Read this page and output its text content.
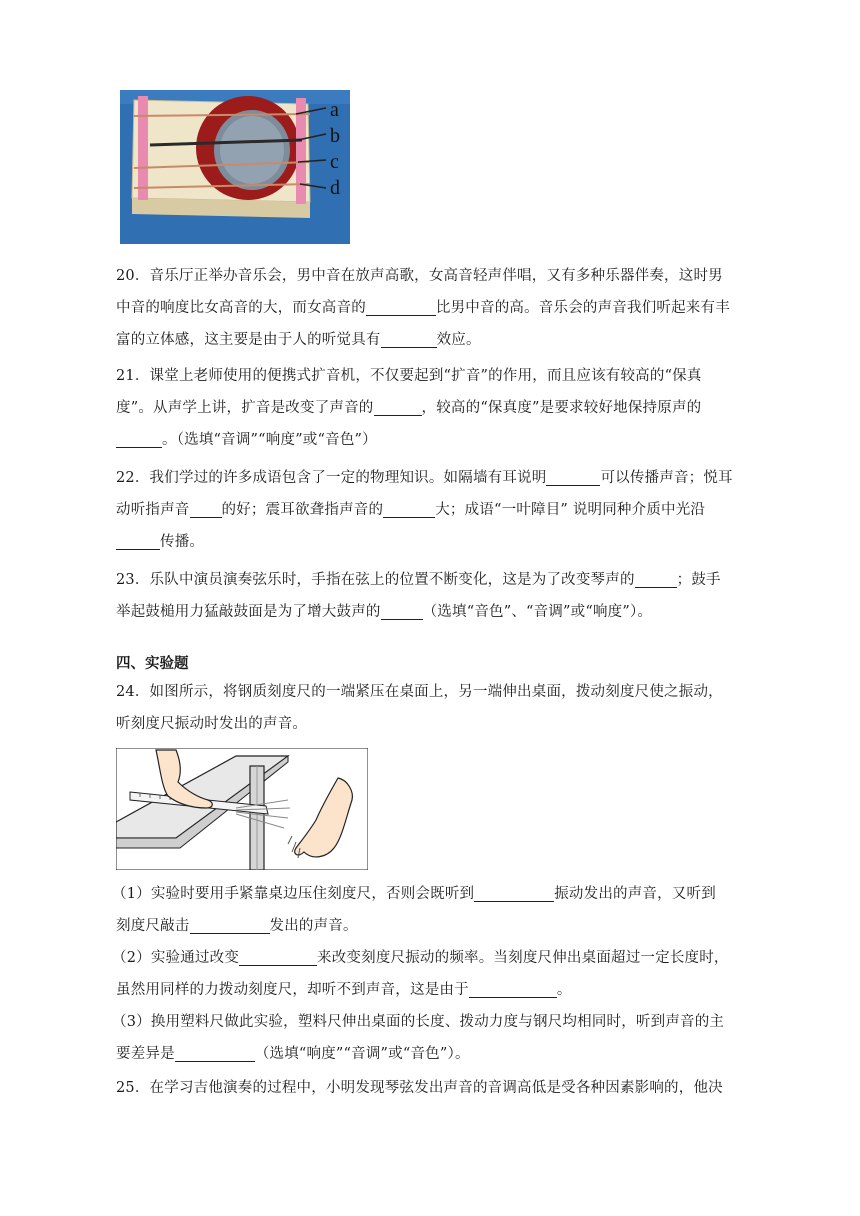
a
b
c
d
20．音乐厅正举办音乐会，男中音在放声高歌，女高音轻声伴唱，又有多种乐器伴奏，这时男
中音的响度比女高音的大，而女高音的	比男中音的高。音乐会的声音我们听起来有丰
富的立体感，这主要是由于人的听觉具有	效应。
21．课堂上老师使用的便携式扩音机，不仅要起到“扩音”的作用，而且应该有较高的“保真
度”。从声学上讲，扩音是改变了声音的	，较高的“保真度”是要求较好地保持原声的
。（选填“音调”“响度”或“音色”）
22．我们学过的许多成语包含了一定的物理知识。如隔墙有耳说明	可以传播声音；悦耳
动听指声音 的好；震耳欲聋指声音的	大；成语“一叶障目” 说明同种介质中光沿
传播。
23．乐队中演员演奏弦乐时，手指在弦上的位置不断变化，这是为了改变琴声的	；鼓手
举起鼓槌用力猛敲鼓面是为了增大鼓声的	（选填“音色”、“音调”或“响度”）。
四、实验题
24．如图所示，将钢质刻度尺的一端紧压在桌面上，另一端伸出桌面，拨动刻度尺使之振动，
听刻度尺振动时发出的声音。
（1）实验时要用手紧靠桌边压住刻度尺，否则会既听到	振动发出的声音，又听到
刻度尺敲击	发出的声音。
（2）实验通过改变	来改变刻度尺振动的频率。当刻度尺伸出桌面超过一定长度时，
虽然用同样的力拨动刻度尺，却听不到声音，这是由于	。
（3）换用塑料尺做此实验，塑料尺伸出桌面的长度、拨动力度与钢尺均相同时，听到声音的主
要差异是	（选填“响度”“音调”或“音色”）。
25．在学习吉他演奏的过程中，小明发现琴弦发出声音的音调高低是受各种因素影响的，他决
